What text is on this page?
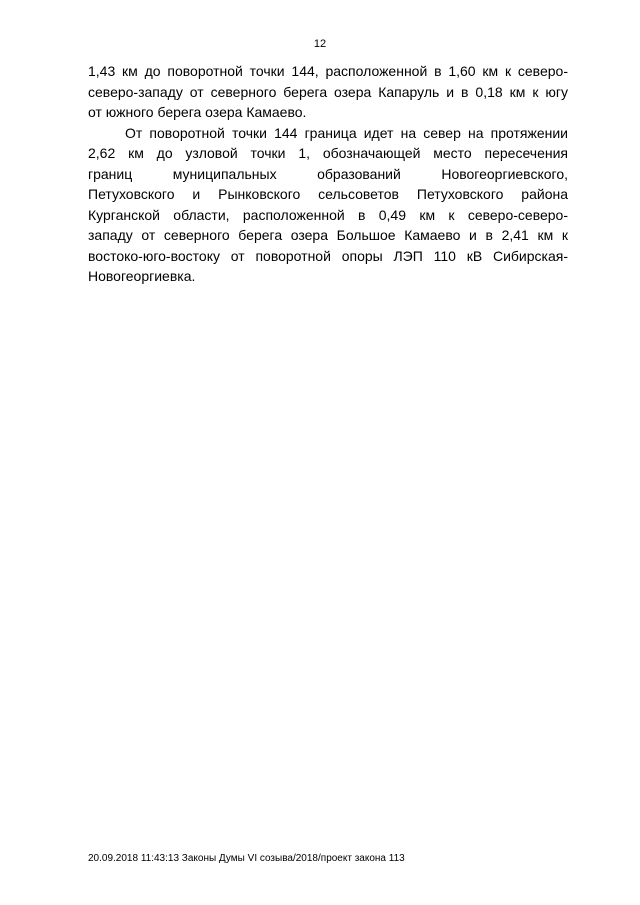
12
1,43 км до поворотной точки 144, расположенной в 1,60 км к северо-
северо-западу от северного берега озера Капаруль и в 0,18 км к югу
от южного берега озера Камаево.
От поворотной точки 144 граница идет на север на протяжении
2,62 км до узловой точки 1, обозначающей место пересечения
границ муниципальных образований Новогеоргиевского,
Петуховского и Рынковского сельсоветов Петуховского района
Курганской области, расположенной в 0,49 км к северо-северо-
западу от северного берега озера Большое Камаево и в 2,41 км к
востоко-юго-востоку от поворотной опоры ЛЭП 110 кВ Сибирская-
Новогеоргиевка.
20.09.2018 11:43:13 Законы Думы VI созыва/2018/проект закона 113
